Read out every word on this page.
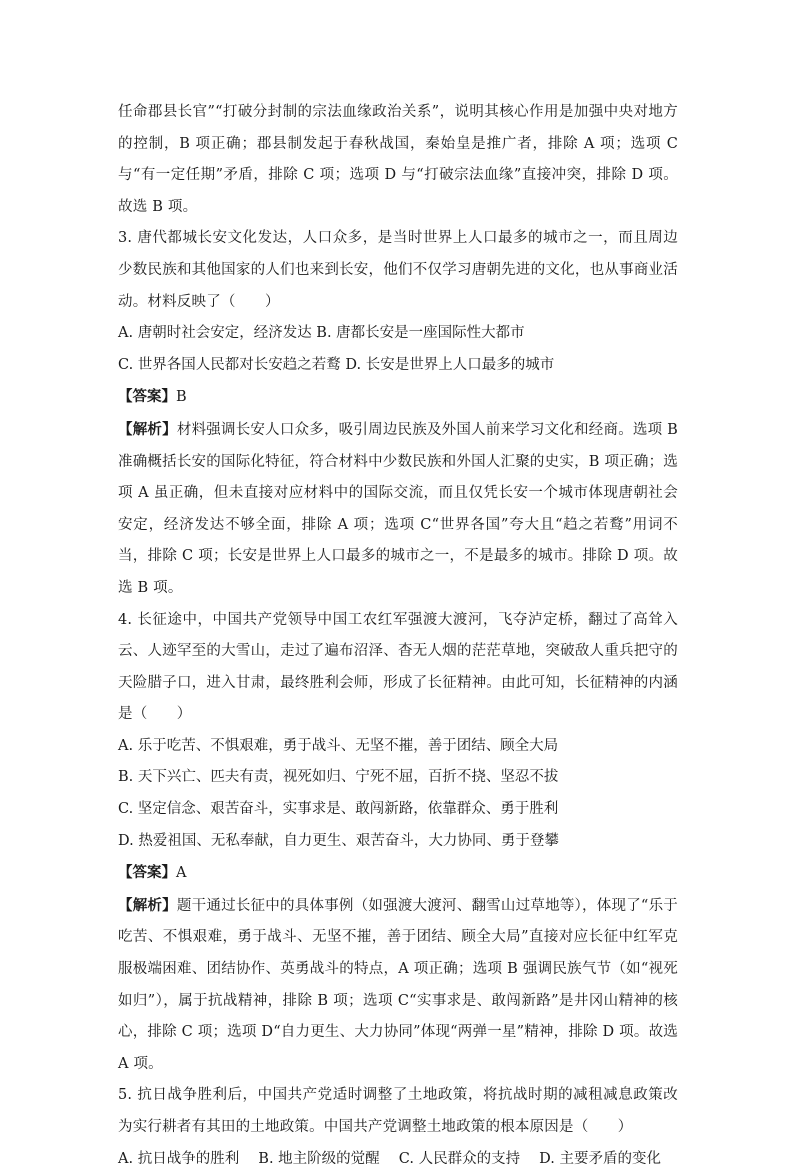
任命郡县长官”“打破分封制的宗法血缘政治关系”，说明其核心作用是加强中央对地方的控制，B 项正确；郡县制发起于春秋战国，秦始皇是推广者，排除 A 项；选项 C 与“有一定任期”矛盾，排除 C 项；选项 D 与“打破宗法血缘”直接冲突，排除 D 项。故选 B 项。

3. 唐代都城长安文化发达，人口众多，是当时世界上人口最多的城市之一，而且周边少数民族和其他国家的人们也来到长安，他们不仅学习唐朝先进的文化，也从事商业活动。材料反映了（　　）

A. 唐朝时社会安定，经济发达 B. 唐都长安是一座国际性大都市

C. 世界各国人民都对长安趋之若鹜 D. 长安是世界上人口最多的城市

【答案】B

【解析】材料强调长安人口众多，吸引周边民族及外国人前来学习文化和经商。选项 B 准确概括长安的国际化特征，符合材料中少数民族和外国人汇聚的史实，B 项正确；选项 A 虽正确，但未直接对应材料中的国际交流，而且仅凭长安一个城市体现唐朝社会安定，经济发达不够全面，排除 A 项；选项 C“世界各国”夸大且“趋之若鹜”用词不当，排除 C 项；长安是世界上人口最多的城市之一，不是最多的城市。排除 D 项。故选 B 项。

4. 长征途中，中国共产党领导中国工农红军强渡大渡河，飞夺泸定桥，翻过了高耸入云、人迹罕至的大雪山，走过了遍布沼泽、杳无人烟的茫茫草地，突破敌人重兵把守的天险腊子口，进入甘肃，最终胜利会师，形成了长征精神。由此可知，长征精神的内涵是（　　）

A. 乐于吃苦、不惧艰难，勇于战斗、无坚不摧，善于团结、顾全大局

B. 天下兴亡、匹夫有责，视死如归、宁死不屈，百折不挠、坚忍不拔

C. 坚定信念、艰苦奋斗，实事求是、敢闯新路，依靠群众、勇于胜利

D. 热爱祖国、无私奉献，自力更生、艰苦奋斗，大力协同、勇于登攀

【答案】A

【解析】题干通过长征中的具体事例（如强渡大渡河、翻雪山过草地等），体现了“乐于吃苦、不惧艰难，勇于战斗、无坚不摧，善于团结、顾全大局”直接对应长征中红军克服极端困难、团结协作、英勇战斗的特点，A 项正确；选项 B 强调民族气节（如“视死如归”），属于抗战精神，排除 B 项；选项 C“实事求是、敢闯新路”是井冈山精神的核心，排除 C 项；选项 D“自力更生、大力协同”体现“两弹一星”精神，排除 D 项。故选 A 项。

5. 抗日战争胜利后，中国共产党适时调整了土地政策，将抗战时期的减租减息政策改为实行耕者有其田的土地政策。中国共产党调整土地政策的根本原因是（　　）

A. 抗日战争的胜利　 B. 地主阶级的觉醒　 C. 人民群众的支持　 D. 主要矛盾的变化
